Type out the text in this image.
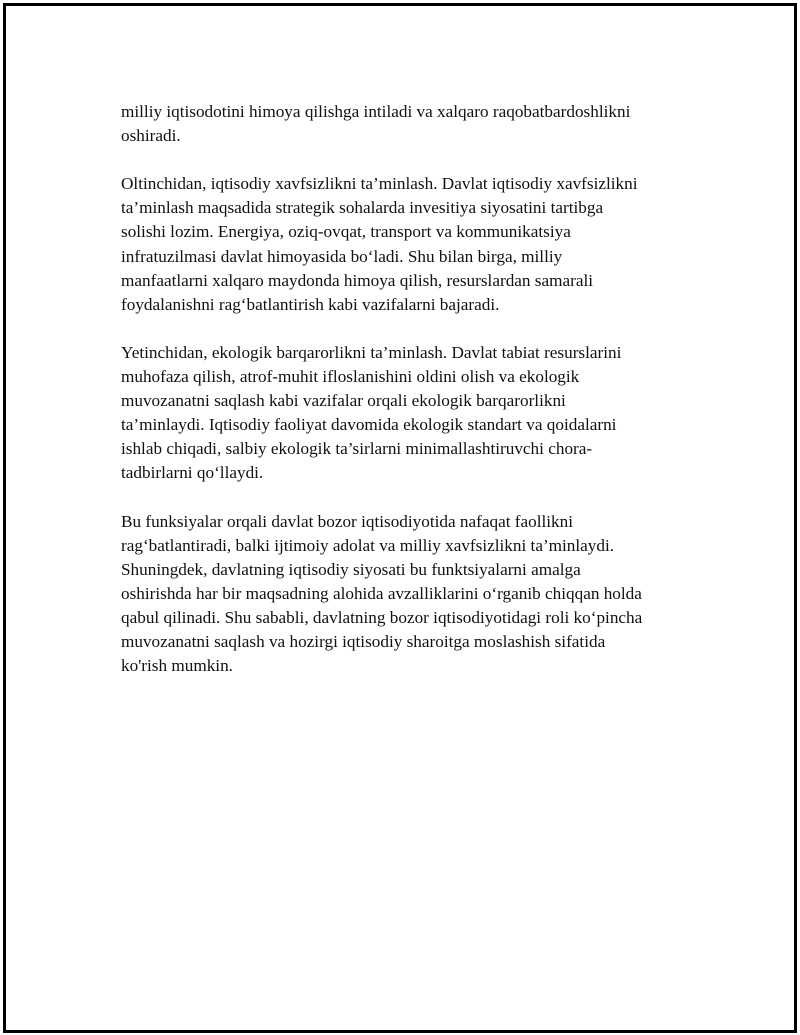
milliy iqtisodotini himoya qilishga intiladi va xalqaro raqobatbardoshlikni
oshiradi.

Oltinchidan, iqtisodiy xavfsizlikni ta’minlash. Davlat iqtisodiy xavfsizlikni
ta’minlash maqsadida strategik sohalarda invesitiya siyosatini tartibga
solishi lozim. Energiya, oziq-ovqat, transport va kommunikatsiya
infratuzilmasi davlat himoyasida bo‘ladi. Shu bilan birga, milliy
manfaatlarni xalqaro maydonda himoya qilish, resurslardan samarali
foydalanishni rag‘batlantirish kabi vazifalarni bajaradi.

Yetinchidan, ekologik barqarorlikni ta’minlash. Davlat tabiat resurslarini
muhofaza qilish, atrof-muhit ifloslanishini oldini olish va ekologik
muvozanatni saqlash kabi vazifalar orqali ekologik barqarorlikni
ta’minlaydi. Iqtisodiy faoliyat davomida ekologik standart va qoidalarni
ishlab chiqadi, salbiy ekologik ta’sirlarni minimallashtiruvchi chora-
tadbirlarni qo‘llaydi.

Bu funksiyalar orqali davlat bozor iqtisodiyotida nafaqat faollikni
rag‘batlantiradi, balki ijtimoiy adolat va milliy xavfsizlikni ta’minlaydi.
Shuningdek, davlatning iqtisodiy siyosati bu funktsiyalarni amalga
oshirishda har bir maqsadning alohida avzalliklarini o‘rganib chiqqan holda
qabul qilinadi. Shu sababli, davlatning bozor iqtisodiyotidagi roli ko‘pincha
muvozanatni saqlash va hozirgi iqtisodiy sharoitga moslashish sifatida
ko'rish mumkin.
